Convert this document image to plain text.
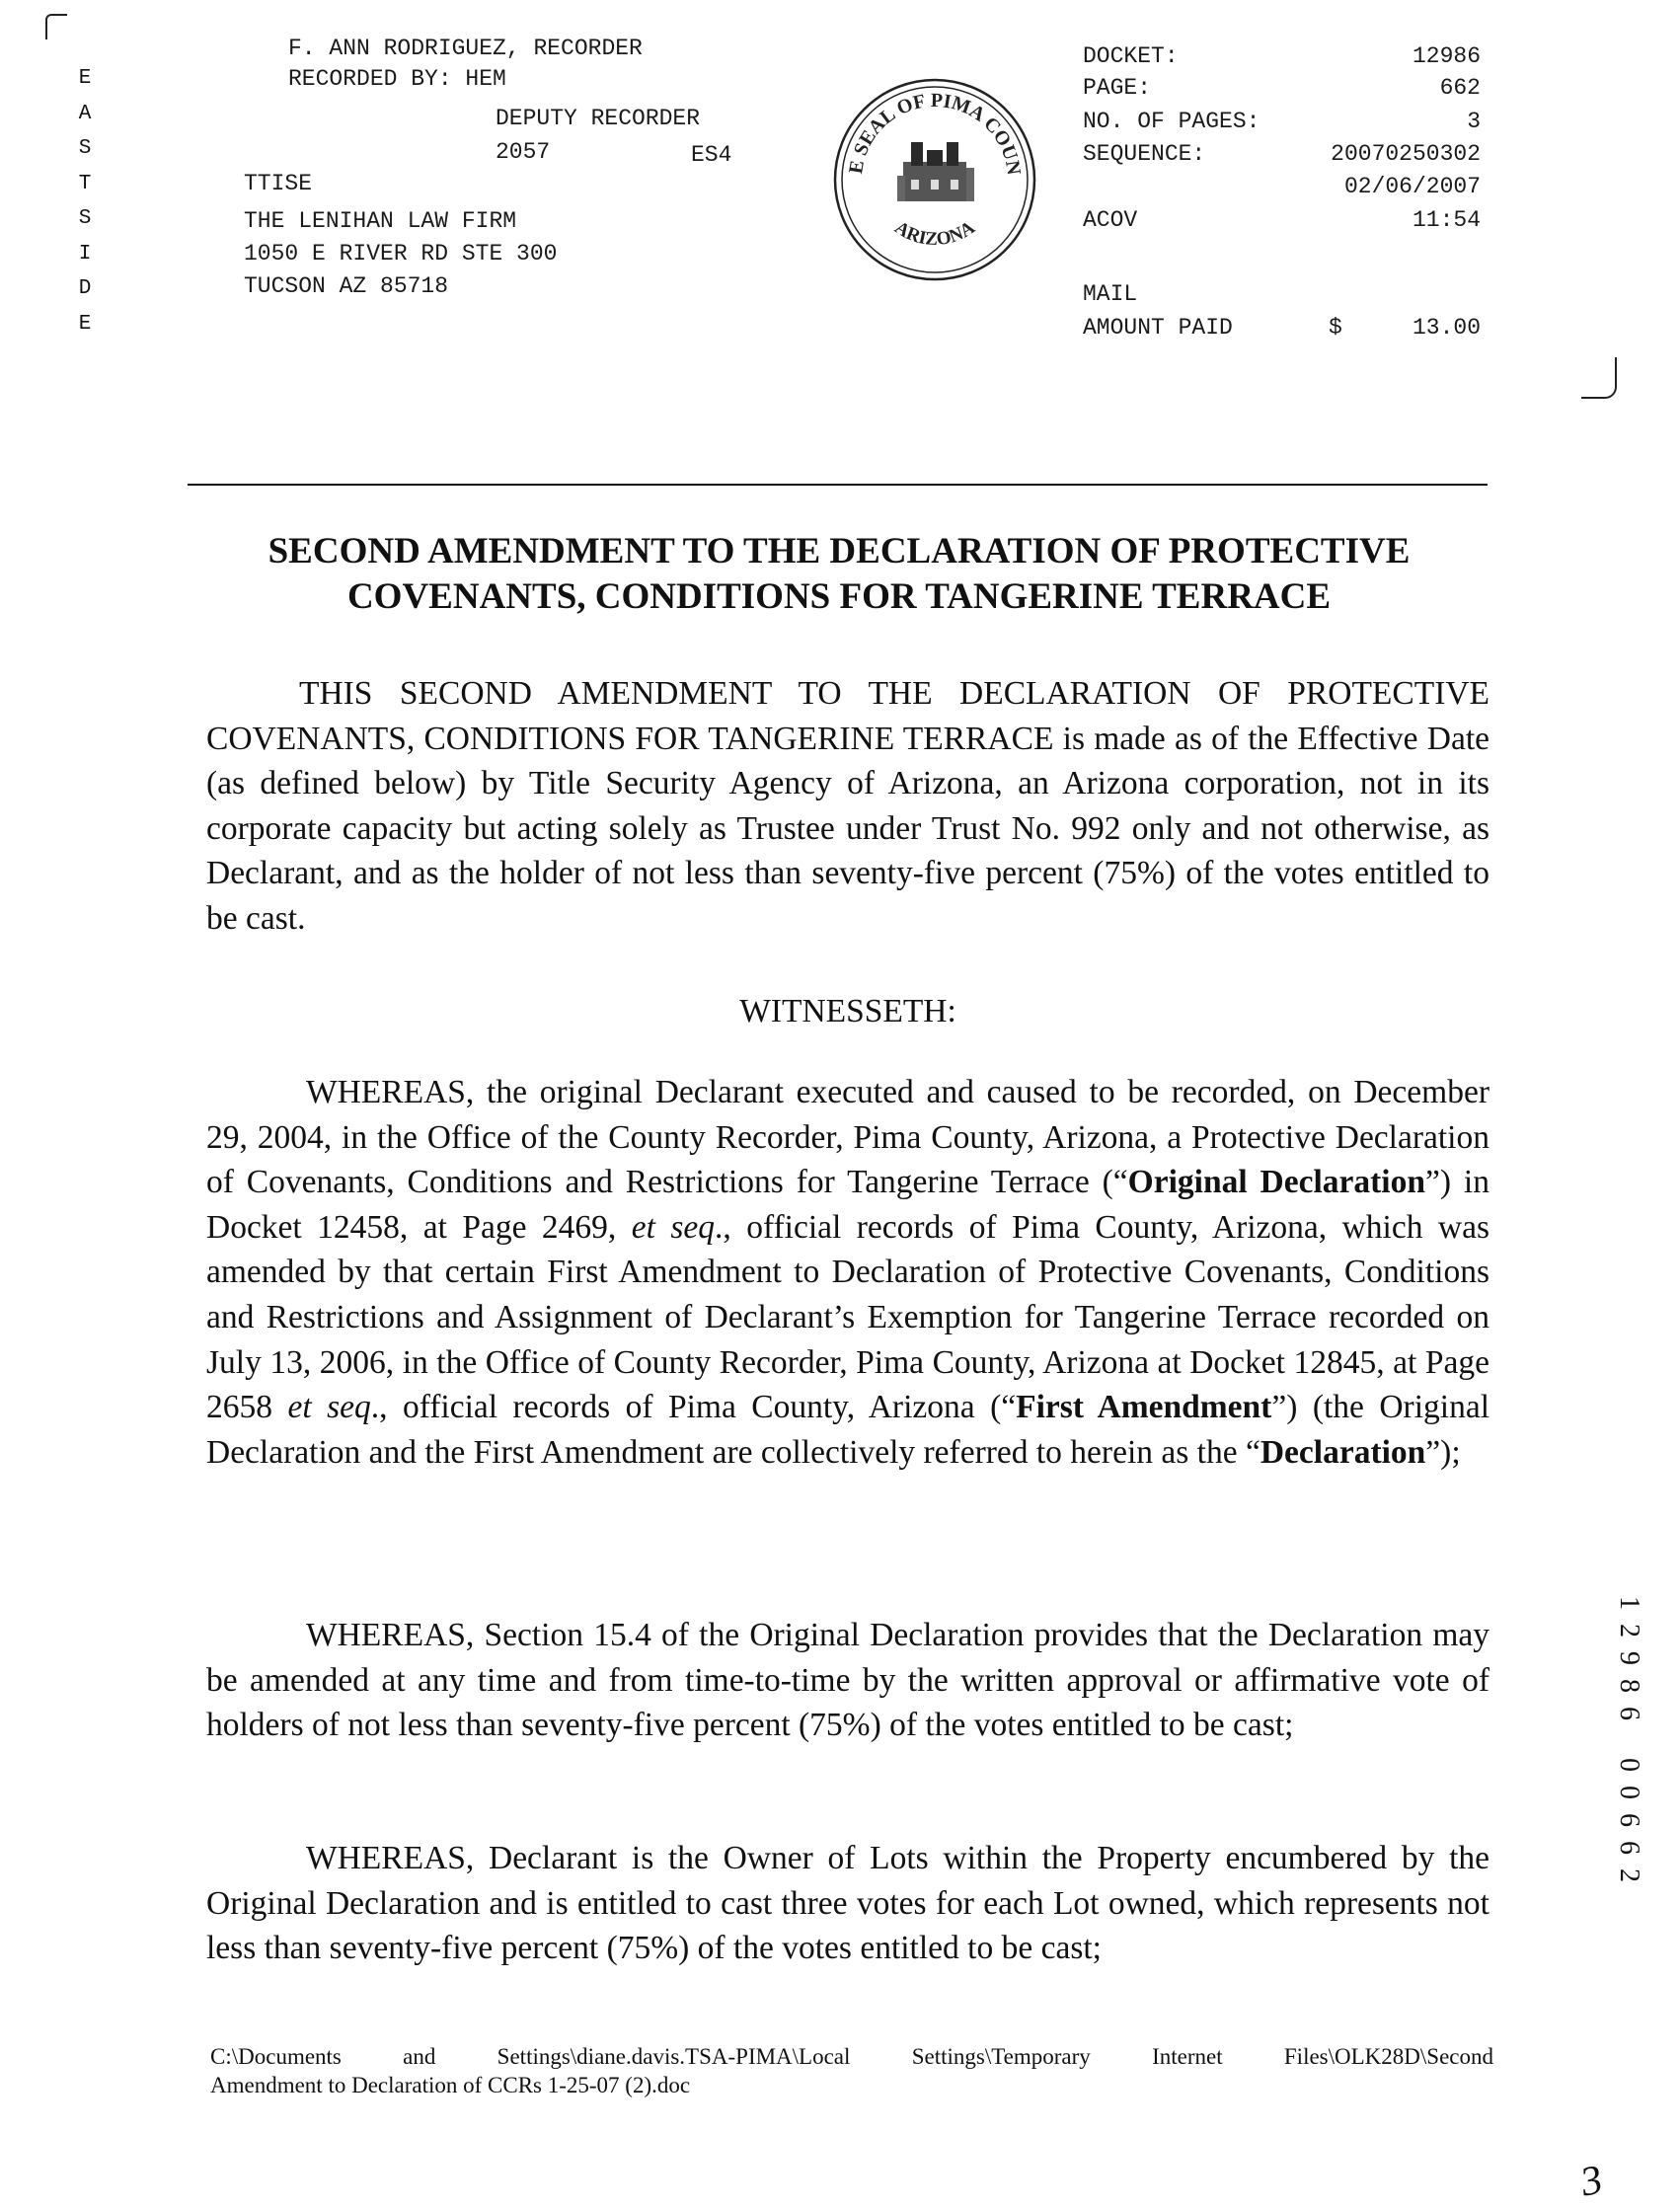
E
A
S
T
S
I
D
E
F. ANN RODRIGUEZ, RECORDER
RECORDED BY: HEM
DEPUTY RECORDER
2057	ES4
TTISE
THE LENIHAN LAW FIRM
1050 E RIVER RD STE 300
TUCSON AZ 85718
E SEAL OF PIMA COUN
ARIZONA
DOCKET:	12986
PAGE:	662
NO. OF PAGES:	3
SEQUENCE:	20070250302
02/06/2007
ACOV	11:54
MAIL
AMOUNT PAID	$	13.00
SECOND AMENDMENT TO THE DECLARATION OF PROTECTIVE
COVENANTS, CONDITIONS FOR TANGERINE TERRACE

THIS SECOND AMENDMENT TO THE DECLARATION OF PROTECTIVE COVENANTS, CONDITIONS FOR TANGERINE TERRACE is made as of the Effective Date (as defined below) by Title Security Agency of Arizona, an Arizona corporation, not in its corporate capacity but acting solely as Trustee under Trust No. 992 only and not otherwise, as Declarant, and as the holder of not less than seventy-five percent (75%) of the votes entitled to be cast.

WITNESSETH:

WHEREAS, the original Declarant executed and caused to be recorded, on December 29, 2004, in the Office of the County Recorder, Pima County, Arizona, a Protective Declaration of Covenants, Conditions and Restrictions for Tangerine Terrace (“Original Declaration”) in Docket 12458, at Page 2469, et seq., official records of Pima County, Arizona, which was amended by that certain First Amendment to Declaration of Protective Covenants, Conditions and Restrictions and Assignment of Declarant’s Exemption for Tangerine Terrace recorded on July 13, 2006, in the Office of County Recorder, Pima County, Arizona at Docket 12845, at Page 2658 et seq., official records of Pima County, Arizona (“First Amendment”) (the Original Declaration and the First Amendment are collectively referred to herein as the “Declaration”);

WHEREAS, Section 15.4 of the Original Declaration provides that the Declaration may be amended at any time and from time-to-time by the written approval or affirmative vote of holders of not less than seventy-five percent (75%) of the votes entitled to be cast;

WHEREAS, Declarant is the Owner of Lots within the Property encumbered by the Original Declaration and is entitled to cast three votes for each Lot owned, which represents not less than seventy-five percent (75%) of the votes entitled to be cast;

C:\Documents and Settings\diane.davis.TSA-PIMA\Local Settings\Temporary Internet Files\OLK28D\Second
Amendment to Declaration of CCRs 1-25-07 (2).doc
1
2
9
8
6
0
0
6
6
2
3
